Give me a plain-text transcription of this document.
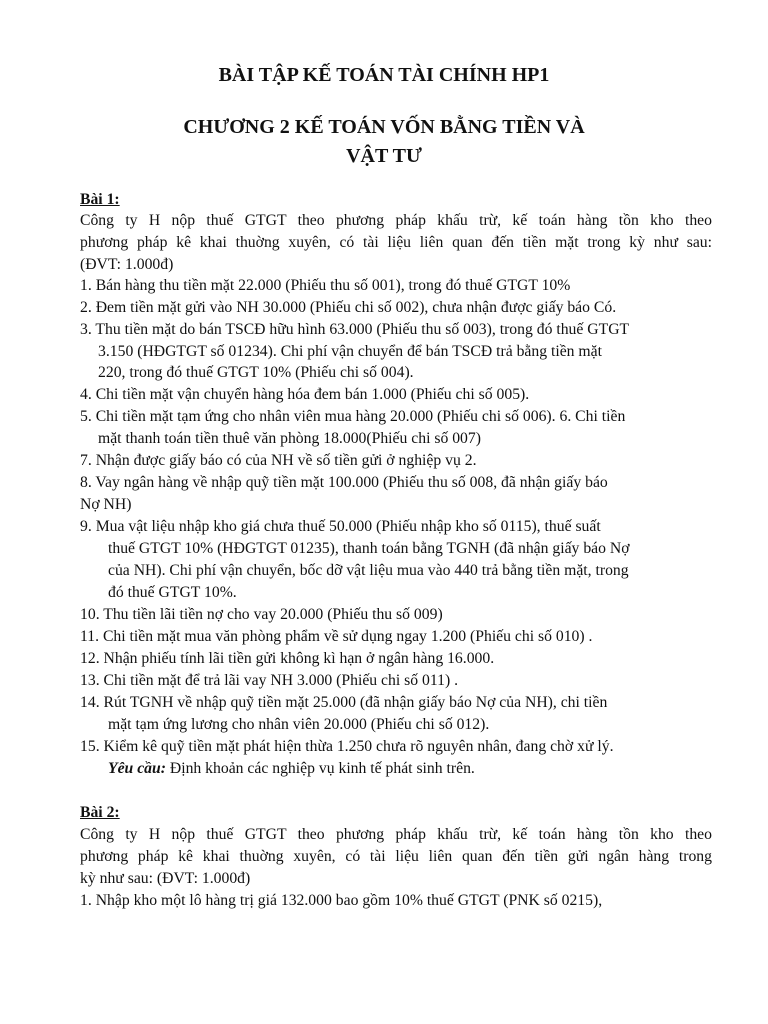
BÀI TẬP KẾ TOÁN TÀI CHÍNH HP1
CHƯƠNG 2 KẾ TOÁN VỐN BẰNG TIỀN VÀ
VẬT TƯ
Bài 1:
Công ty H nộp thuế GTGT theo phương pháp khấu trừ, kế toán hàng tồn kho theo
phương pháp kê khai thuờng xuyên, có tài liệu liên quan đến tiền mặt trong kỳ như sau:
(ĐVT: 1.000đ)
1. Bán hàng thu tiền mặt 22.000 (Phiếu thu số 001), trong đó thuế GTGT 10%
2. Đem tiền mặt gửi vào NH 30.000 (Phiếu chi số 002), chưa nhận được giấy báo Có.
3. Thu tiền mặt do bán TSCĐ hữu hình 63.000 (Phiếu thu số 003), trong đó thuế GTGT
3.150 (HĐGTGT số 01234). Chi phí vận chuyển để bán TSCĐ trả bằng tiền mặt
220, trong đó thuế GTGT 10% (Phiếu chi số 004).
4. Chi tiền mặt vận chuyển hàng hóa đem bán 1.000 (Phiếu chi số 005).
5. Chi tiền mặt tạm ứng cho nhân viên mua hàng 20.000 (Phiếu chi số 006). 6. Chi tiền
mặt thanh toán tiền thuê văn phòng 18.000(Phiếu chi số 007)
7. Nhận được giấy báo có của NH về số tiền gửi ở nghiệp vụ 2.
8. Vay ngân hàng về nhập quỹ tiền mặt 100.000 (Phiếu thu số 008, đã nhận giấy báo
Nợ NH)
9. Mua vật liệu nhập kho giá chưa thuế 50.000 (Phiếu nhập kho số 0115), thuế suất
thuế GTGT 10% (HĐGTGT 01235), thanh toán bằng TGNH (đã nhận giấy báo Nợ
của NH). Chi phí vận chuyển, bốc dỡ vật liệu mua vào 440 trả bằng tiền mặt, trong
đó thuế GTGT 10%.
10. Thu tiền lãi tiền nợ cho vay 20.000 (Phiếu thu số 009)
11. Chi tiền mặt mua văn phòng phẩm về sử dụng ngay 1.200 (Phiếu chi số 010) .
12. Nhận phiếu tính lãi tiền gửi không kì hạn ở ngân hàng 16.000.
13. Chi tiền mặt để trả lãi vay NH 3.000 (Phiếu chi số 011) .
14. Rút TGNH về nhập quỹ tiền mặt 25.000 (đã nhận giấy báo Nợ của NH), chi tiền
mặt tạm ứng lương cho nhân viên 20.000 (Phiếu chi số 012).
15. Kiểm kê quỹ tiền mặt phát hiện thừa 1.250 chưa rõ nguyên nhân, đang chờ xử lý.
Yêu cầu: Định khoản các nghiệp vụ kinh tế phát sinh trên.
Bài 2:
Công ty H nộp thuế GTGT theo phương pháp khấu trừ, kế toán hàng tồn kho theo
phương pháp kê khai thuờng xuyên, có tài liệu liên quan đến tiền gửi ngân hàng trong
kỳ như sau: (ĐVT: 1.000đ)
1. Nhập kho một lô hàng trị giá 132.000 bao gồm 10% thuế GTGT (PNK số 0215),
